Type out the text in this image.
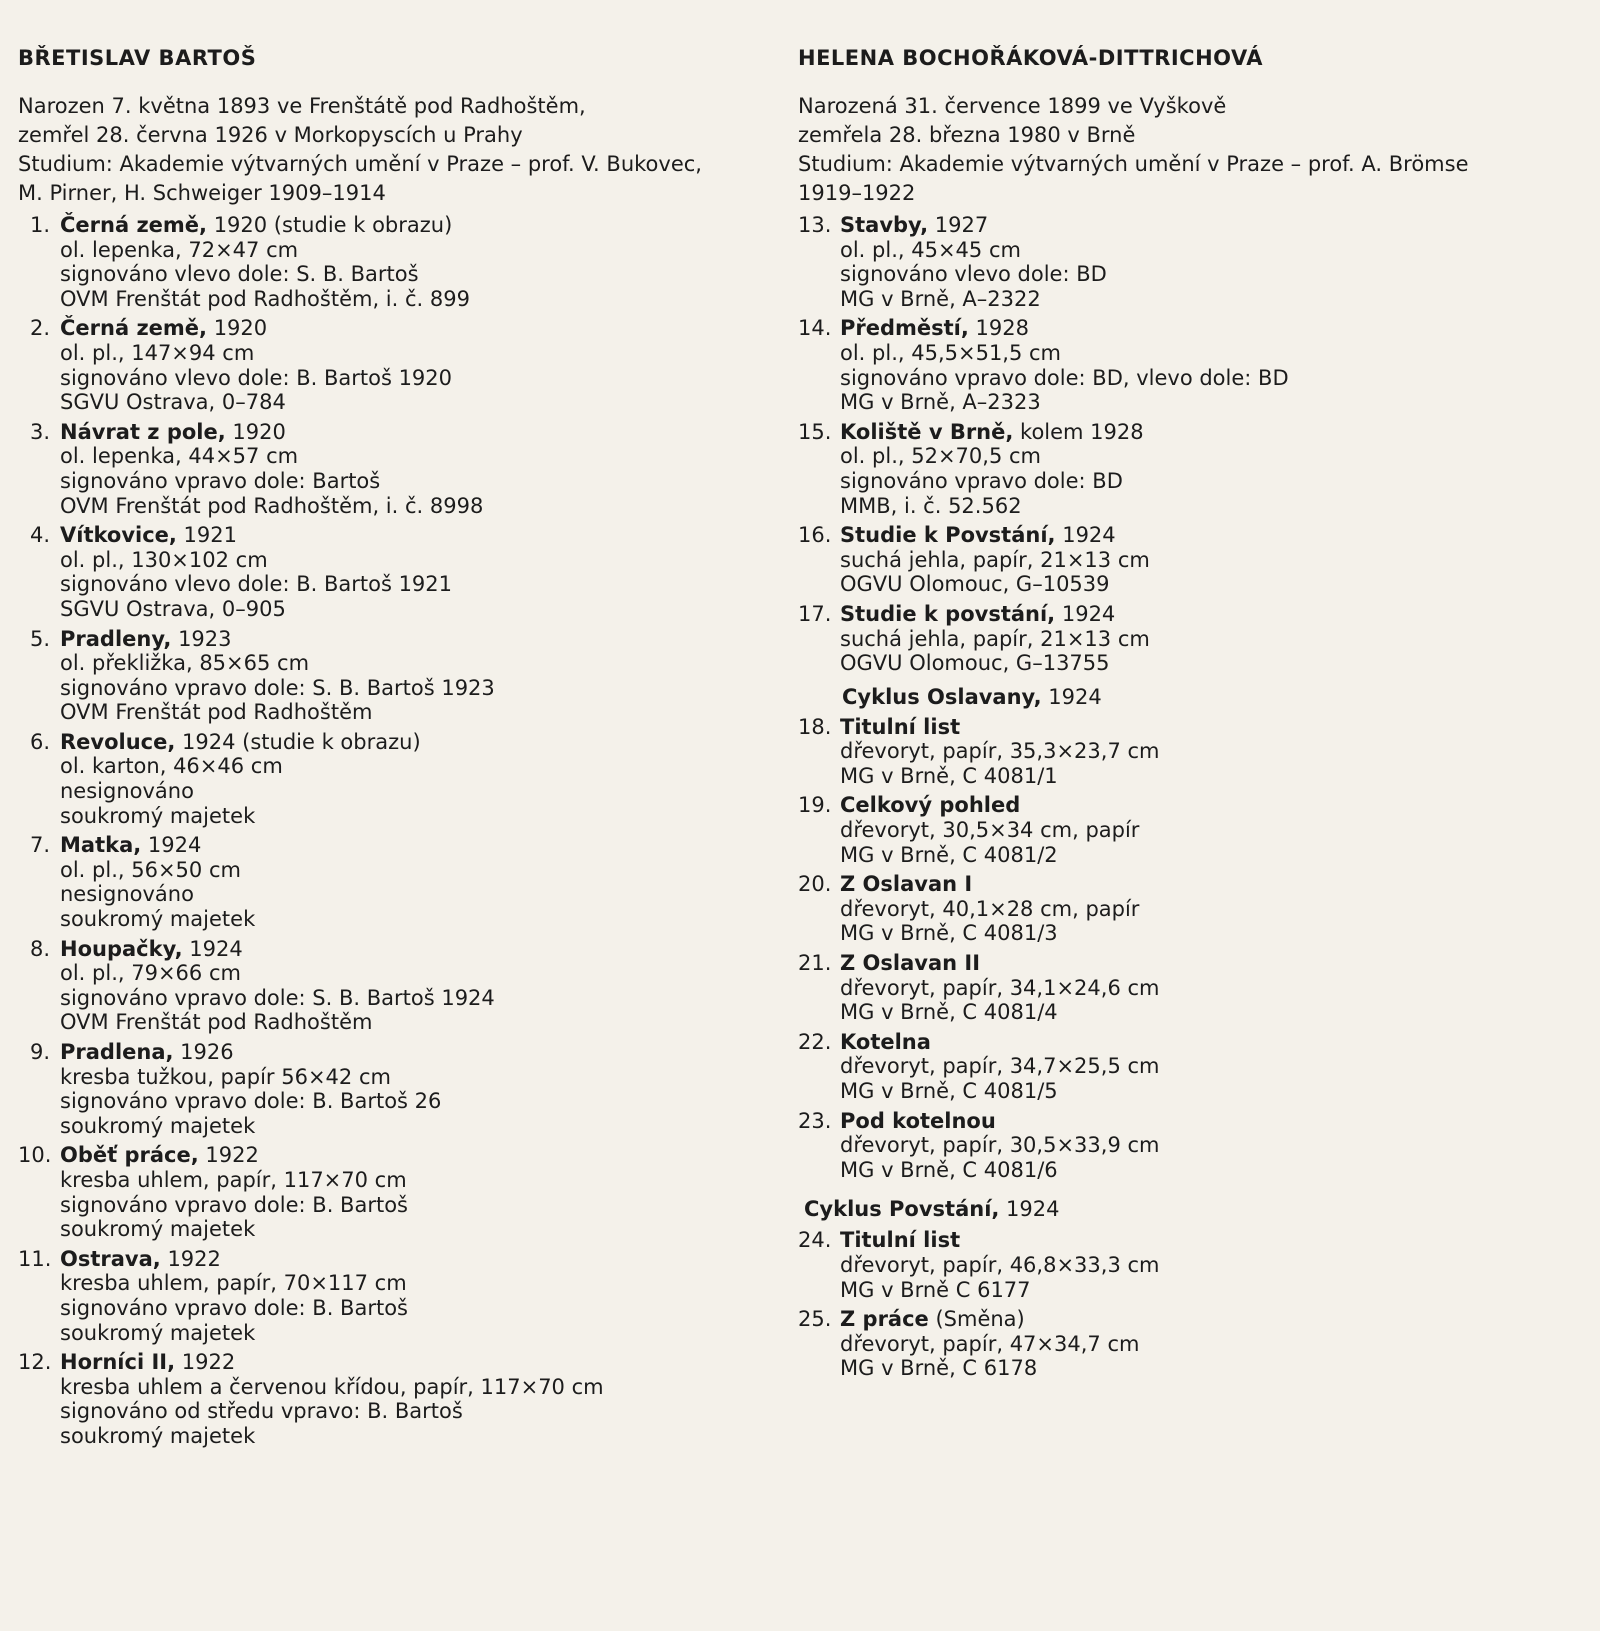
BŘETISLAV BARTOŠ

Narozen 7. května 1893 ve Frenštátě pod Radhoštěm,

zemřel 28. června 1926 v Morkopyscích u Prahy

Studium: Akademie výtvarných umění v Praze – prof. V. Bukovec,

M. Pirner, H. Schweiger 1909–1914

1. Černá země, 1920 (studie k obrazu)
ol. lepenka, 72×47 cm
signováno vlevo dole: S. B. Bartoš
OVM Frenštát pod Radhoštěm, i. č. 899
2. Černá země, 1920
ol. pl., 147×94 cm
signováno vlevo dole: B. Bartoš 1920
SGVU Ostrava, 0–784
3. Návrat z pole, 1920
ol. lepenka, 44×57 cm
signováno vpravo dole: Bartoš
OVM Frenštát pod Radhoštěm, i. č. 8998
4. Vítkovice, 1921
ol. pl., 130×102 cm
signováno vlevo dole: B. Bartoš 1921
SGVU Ostrava, 0–905
5. Pradleny, 1923
ol. překližka, 85×65 cm
signováno vpravo dole: S. B. Bartoš 1923
OVM Frenštát pod Radhoštěm
6. Revoluce, 1924 (studie k obrazu)
ol. karton, 46×46 cm
nesignováno
soukromý majetek
7. Matka, 1924
ol. pl., 56×50 cm
nesignováno
soukromý majetek
8. Houpačky, 1924
ol. pl., 79×66 cm
signováno vpravo dole: S. B. Bartoš 1924
OVM Frenštát pod Radhoštěm
9. Pradlena, 1926
kresba tužkou, papír 56×42 cm
signováno vpravo dole: B. Bartoš 26
soukromý majetek
10. Oběť práce, 1922
kresba uhlem, papír, 117×70 cm
signováno vpravo dole: B. Bartoš
soukromý majetek
11. Ostrava, 1922
kresba uhlem, papír, 70×117 cm
signováno vpravo dole: B. Bartoš
soukromý majetek
12. Horníci II, 1922
kresba uhlem a červenou křídou, papír, 117×70 cm
signováno od středu vpravo: B. Bartoš
soukromý majetek
HELENA BOCHOŘÁKOVÁ-DITTRICHOVÁ

Narozená 31. července 1899 ve Vyškově

zemřela 28. března 1980 v Brně

Studium: Akademie výtvarných umění v Praze – prof. A. Brömse

1919–1922

13. Stavby, 1927
ol. pl., 45×45 cm
signováno vlevo dole: BD
MG v Brně, A–2322
14. Předměstí, 1928
ol. pl., 45,5×51,5 cm
signováno vpravo dole: BD, vlevo dole: BD
MG v Brně, A–2323
15. Koliště v Brně, kolem 1928
ol. pl., 52×70,5 cm
signováno vpravo dole: BD
MMB, i. č. 52.562
16. Studie k Povstání, 1924
suchá jehla, papír, 21×13 cm
OGVU Olomouc, G–10539
17. Studie k povstání, 1924
suchá jehla, papír, 21×13 cm
OGVU Olomouc, G–13755
Cyklus Oslavany, 1924
18. Titulní list
dřevoryt, papír, 35,3×23,7 cm
MG v Brně, C 4081/1
19. Celkový pohled
dřevoryt, 30,5×34 cm, papír
MG v Brně, C 4081/2
20. Z Oslavan I
dřevoryt, 40,1×28 cm, papír
MG v Brně, C 4081/3
21. Z Oslavan II
dřevoryt, papír, 34,1×24,6 cm
MG v Brně, C 4081/4
22. Kotelna
dřevoryt, papír, 34,7×25,5 cm
MG v Brně, C 4081/5
23. Pod kotelnou
dřevoryt, papír, 30,5×33,9 cm
MG v Brně, C 4081/6
Cyklus Povstání, 1924
24. Titulní list
dřevoryt, papír, 46,8×33,3 cm
MG v Brně C 6177
25. Z práce (Směna)
dřevoryt, papír, 47×34,7 cm
MG v Brně, C 6178
